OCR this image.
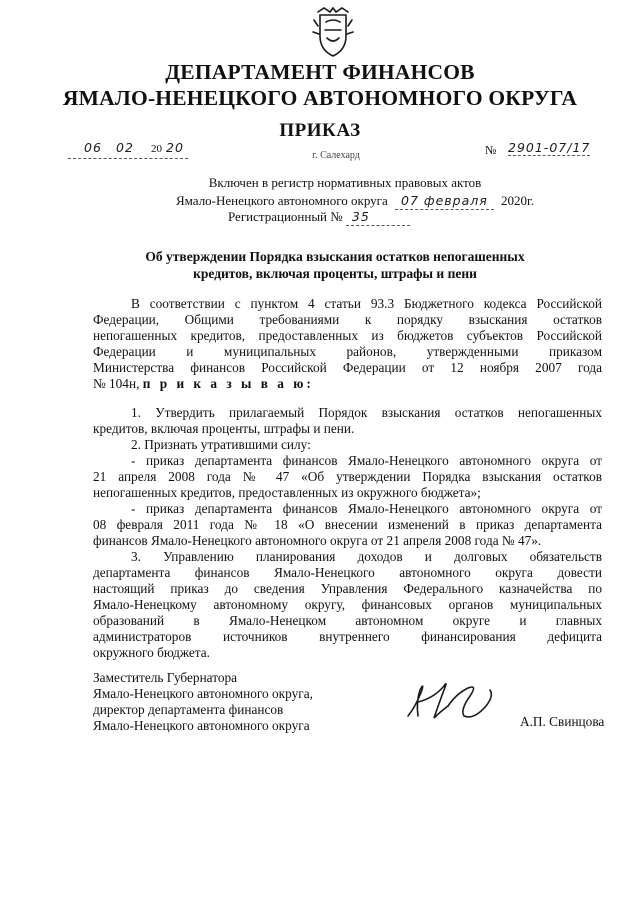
ДЕПАРТАМЕНТ ФИНАНСОВ
ЯМАЛО-НЕНЕЦКОГО АВТОНОМНОГО ОКРУГА
ПРИКАЗ
06 02 20 20	№ 2901-07/17
г. Салехард
Включен в регистр нормативных правовых актов
Ямало-Ненецкого автономного округа 07 февраля 2020г.
Регистрационный № 35
Об утверждении Порядка взыскания остатков непогашенных
кредитов, включая проценты, штрафы и пени
В соответствии с пунктом 4 статьи 93.3 Бюджетного кодекса Российской
Федерации, Общими требованиями к порядку взыскания остатков
непогашенных кредитов, предоставленных из бюджетов субъектов Российской
Федерации и муниципальных районов, утвержденными приказом
Министерства финансов Российской Федерации от 12 ноября 2007 года
№ 104н, п р и к а з ы в а ю:
1. Утвердить прилагаемый Порядок взыскания остатков непогашенных
кредитов, включая проценты, штрафы и пени.
2. Признать утратившими силу:
- приказ департамента финансов Ямало-Ненецкого автономного округа от
21 апреля 2008 года № 47 «Об утверждении Порядка взыскания остатков
непогашенных кредитов, предоставленных из окружного бюджета»;
- приказ департамента финансов Ямало-Ненецкого автономного округа от
08 февраля 2011 года № 18 «О внесении изменений в приказ департамента
финансов Ямало-Ненецкого автономного округа от 21 апреля 2008 года № 47».
3. Управлению планирования доходов и долговых обязательств
департамента финансов Ямало-Ненецкого автономного округа довести
настоящий приказ до сведения Управления Федерального казначейства по
Ямало-Ненецкому автономному округу, финансовых органов муниципальных
образований в Ямало-Ненецком автономном округе и главных
администраторов источников внутреннего финансирования дефицита
окружного бюджета.
Заместитель Губернатора
Ямало-Ненецкого автономного округа,
директор департамента финансов
Ямало-Ненецкого автономного округа	А.П. Свинцова
